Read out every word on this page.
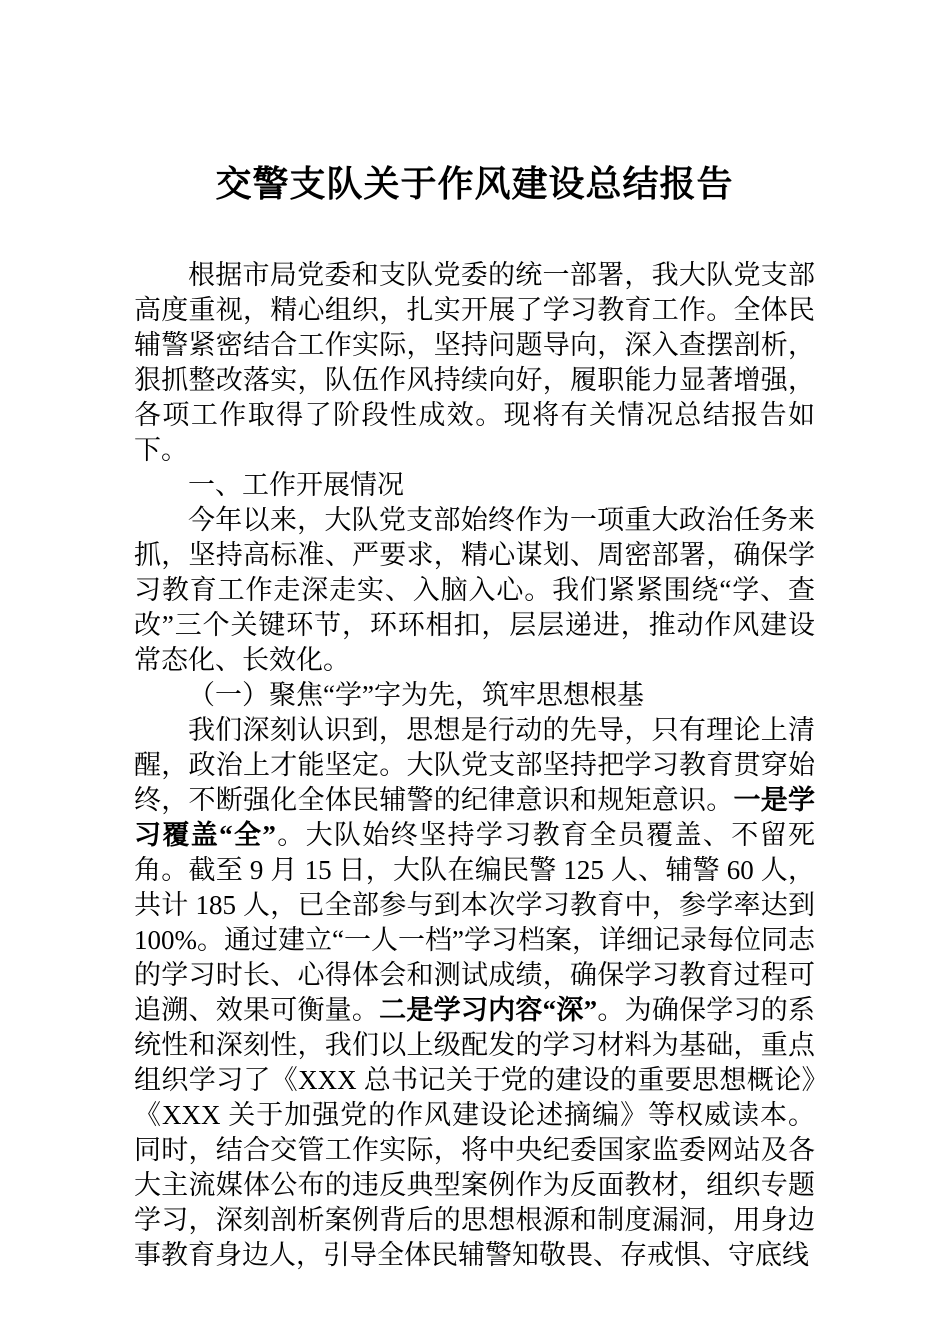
交警支队关于作风建设总结报告

根据市局党委和支队党委的统一部署，我大队党支部高度重视，精心组织，扎实开展了学习教育工作。全体民辅警紧密结合工作实际，坚持问题导向，深入查摆剖析，狠抓整改落实，队伍作风持续向好，履职能力显著增强，各项工作取得了阶段性成效。现将有关情况总结报告如下。

一、工作开展情况

今年以来，大队党支部始终作为一项重大政治任务来抓，坚持高标准、严要求，精心谋划、周密部署，确保学习教育工作走深走实、入脑入心。我们紧紧围绕“学、查改”三个关键环节，环环相扣，层层递进，推动作风建设常态化、长效化。

（一）聚焦“学”字为先，筑牢思想根基

我们深刻认识到，思想是行动的先导，只有理论上清醒，政治上才能坚定。大队党支部坚持把学习教育贯穿始终，不断强化全体民辅警的纪律意识和规矩意识。一是学习覆盖“全”。大队始终坚持学习教育全员覆盖、不留死角。截至 9 月 15 日，大队在编民警 125 人、辅警 60 人，共计 185 人，已全部参与到本次学习教育中，参学率达到 100%。通过建立“一人一档”学习档案，详细记录每位同志的学习时长、心得体会和测试成绩，确保学习教育过程可追溯、效果可衡量。二是学习内容“深”。为确保学习的系统性和深刻性，我们以上级配发的学习材料为基础，重点组织学习了《XXX 总书记关于党的建设的重要思想概论》《XXX 关于加强党的作风建设论述摘编》等权威读本。同时，结合交管工作实际，将中央纪委国家监委网站及各大主流媒体公布的违反典型案例作为反面教材，组织专题学习，深刻剖析案例背后的思想根源和制度漏洞，用身边事教育身边人，引导全体民辅警知敬畏、存戒惧、守底线
